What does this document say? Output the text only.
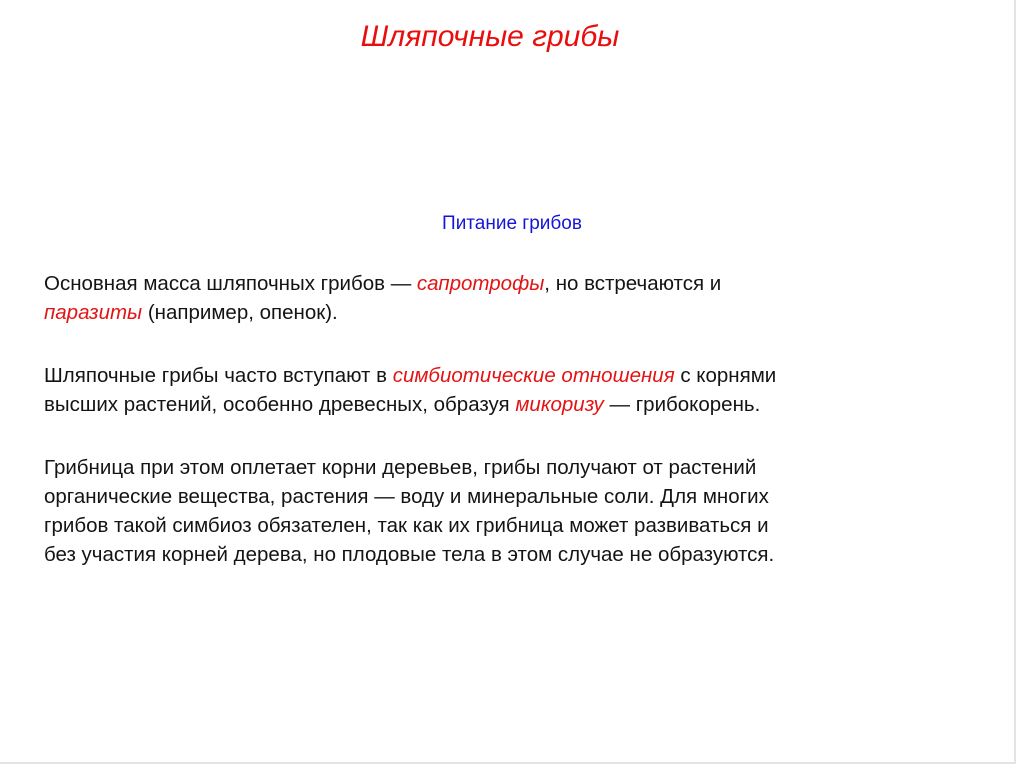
Шляпочные грибы
Питание грибов

Основная масса шляпочных грибов — сапротрофы, но встречаются и
паразиты (например, опенок).

Шляпочные грибы часто вступают в симбиотические отношения с корнями
высших растений, особенно древесных, образуя микоризу — грибокорень.

Грибница при этом оплетает корни деревьев, грибы получают от растений
органические вещества, растения — воду и минеральные соли. Для многих
грибов такой симбиоз обязателен, так как их грибница может развиваться и
без участия корней дерева, но плодовые тела в этом случае не образуются.
